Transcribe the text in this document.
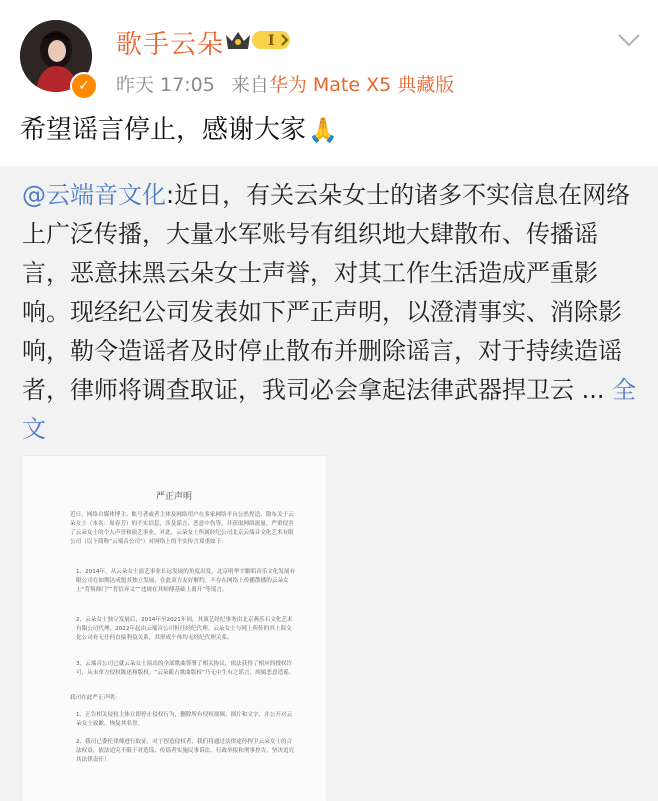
✓
歌手云朵	I
昨天 17:05 来自华为 Mate X5 典藏版
希望谣言停止，感谢大家🙏
@云端音文化:近日，有关云朵女士的诸多不实信息在网络上广泛传播，大量水军账号有组织地大肆散布、传播谣言，恶意抹黑云朵女士声誉，对其工作生活造成严重影响。现经纪公司发表如下严正声明，以澄清事实、消除影响，勒令造谣者及时停止散布并删除谣言，对于持续造谣者，律师将调查取证，我司必会拿起法律武器捍卫云 ... 全文
严正声明
近日，网络自媒体博主、账号者或者主体及网络用户在多家网络平台公然捏造、散布关于云朵女士（本名：周春芳）的不实信息，涉及谣言、恶意中伤等，并获取网络流量。严重侵害了云朵女士的个人声誉和演艺事业。对此，云朵女士所属经纪公司北京云端音文化艺术有限公司（以下简称“云端音公司”）对网络上的不实传言郑重如下：
1、2014年，从云朵女士演艺事业长远发展的角度出发，北京明华宇瞻唱音乐文化发展有限公司在如期达成盟其独立发展，在此双方友好解约。不存在网络上传播散播的云朵女士“背叛师门”“背信弃义”“违规在其师傅基础上离开”等谣言。
2、云朵女士独立发展后，2014年至2021年间，其演艺经纪事务由北京燕乐石文化艺术有限公司代理。2022年起由云端音公司担任经纪代理。云朵女士与网上所传的其上海文化公司有无任何直接利益关系，其形成个体均无经纪代理关系。
3、云端音公司已就云朵女士演出的全部歌曲签署了相关协议，依法获得了相应的授权许可，从未单方侵权陈述和版权。“云朵霸占歌曲版权”乃无中生有之谣言，纯属恶意造谣。
我司在此严正声明：
1、正告相关侵权主体立即停止侵权行为，删除所有侵权视频、图片和文字，并公开对云朵女士致歉，恢复其名誉。
2、我司已委托律师进行取证，对于捏造侵权者，我们将通过法律途径捍卫云朵女士的合法权益，依法追究不限于对造谣、传谣者实施民事诉讼、行政举报和刑事控告，坚决追究其法律责任！
